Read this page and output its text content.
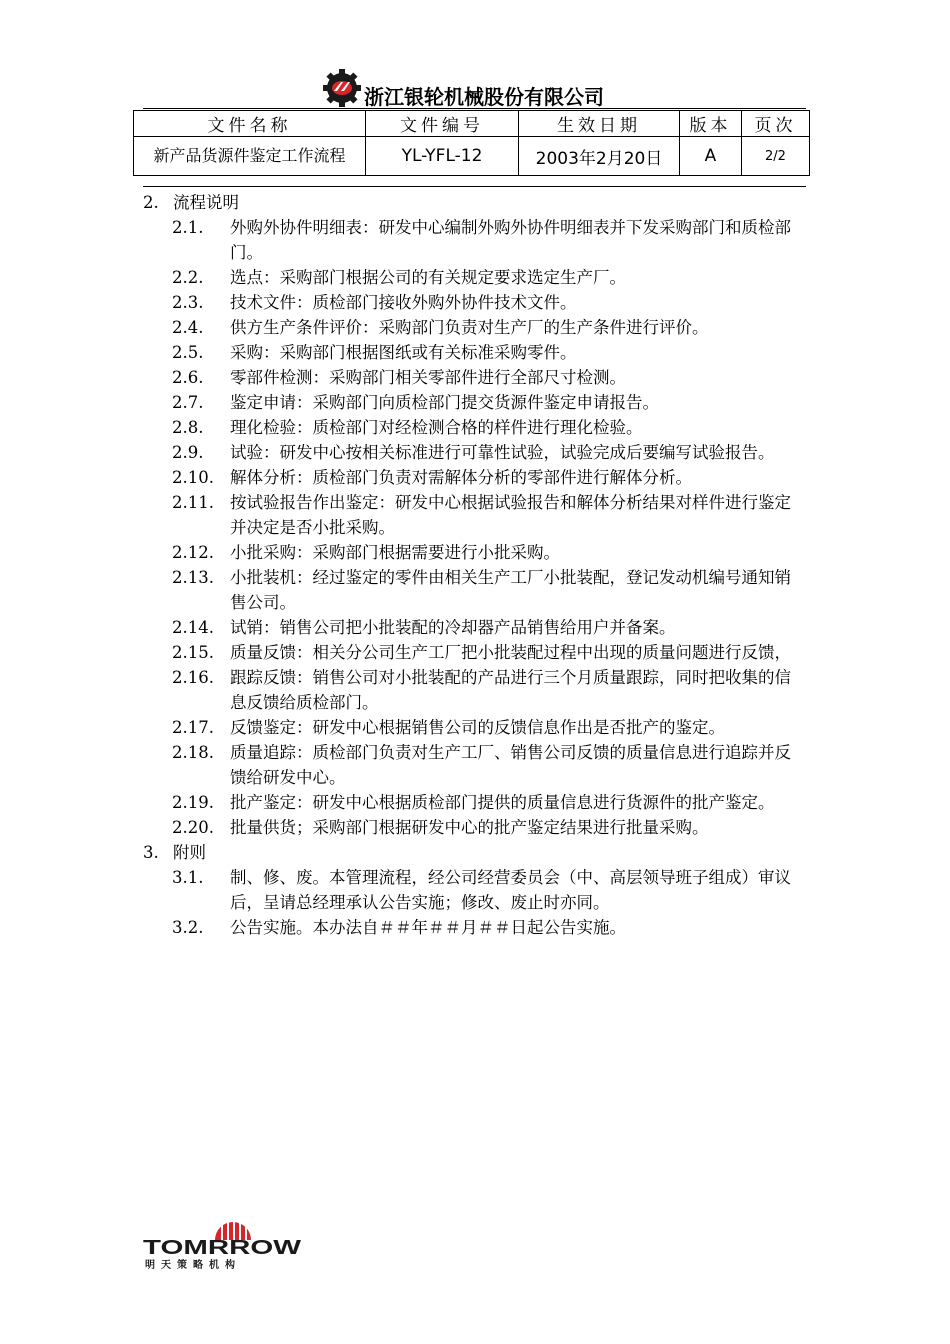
浙江银轮机械股份有限公司
文件名称	文件编号	生效日期	版本	页次
新产品货源件鉴定工作流程	YL-YFL-12	2003年2月20日	A	2/2
2. 流程说明
2.1.	外购外协件明细表：研发中心编制外购外协件明细表并下发采购部门和质检部门。
2.2.	选点：采购部门根据公司的有关规定要求选定生产厂。
2.3.	技术文件：质检部门接收外购外协件技术文件。
2.4.	供方生产条件评价：采购部门负责对生产厂的生产条件进行评价。
2.5.	采购：采购部门根据图纸或有关标准采购零件。
2.6.	零部件检测：采购部门相关零部件进行全部尺寸检测。
2.7.	鉴定申请：采购部门向质检部门提交货源件鉴定申请报告。
2.8.	理化检验：质检部门对经检测合格的样件进行理化检验。
2.9.	试验：研发中心按相关标准进行可靠性试验，试验完成后要编写试验报告。
2.10. 解体分析：质检部门负责对需解体分析的零部件进行解体分析。
2.11. 按试验报告作出鉴定：研发中心根据试验报告和解体分析结果对样件进行鉴定并决定是否小批采购。
2.12. 小批采购：采购部门根据需要进行小批采购。
2.13. 小批装机：经过鉴定的零件由相关生产工厂小批装配，登记发动机编号通知销售公司。
2.14. 试销：销售公司把小批装配的冷却器产品销售给用户并备案。
2.15. 质量反馈：相关分公司生产工厂把小批装配过程中出现的质量问题进行反馈，
2.16. 跟踪反馈：销售公司对小批装配的产品进行三个月质量跟踪，同时把收集的信息反馈给质检部门。
2.17. 反馈鉴定：研发中心根据销售公司的反馈信息作出是否批产的鉴定。
2.18. 质量追踪：质检部门负责对生产工厂、销售公司反馈的质量信息进行追踪并反馈给研发中心。
2.19. 批产鉴定：研发中心根据质检部门提供的质量信息进行货源件的批产鉴定。
2.20. 批量供货；采购部门根据研发中心的批产鉴定结果进行批量采购。
3. 附则
3.1.	制、修、废。本管理流程，经公司经营委员会（中、高层领导班子组成）审议后，呈请总经理承认公告实施；修改、废止时亦同。
3.2.	公告实施。本办法自＃＃年＃＃月＃＃日起公告实施。
TOMRROW
明天策略机构
